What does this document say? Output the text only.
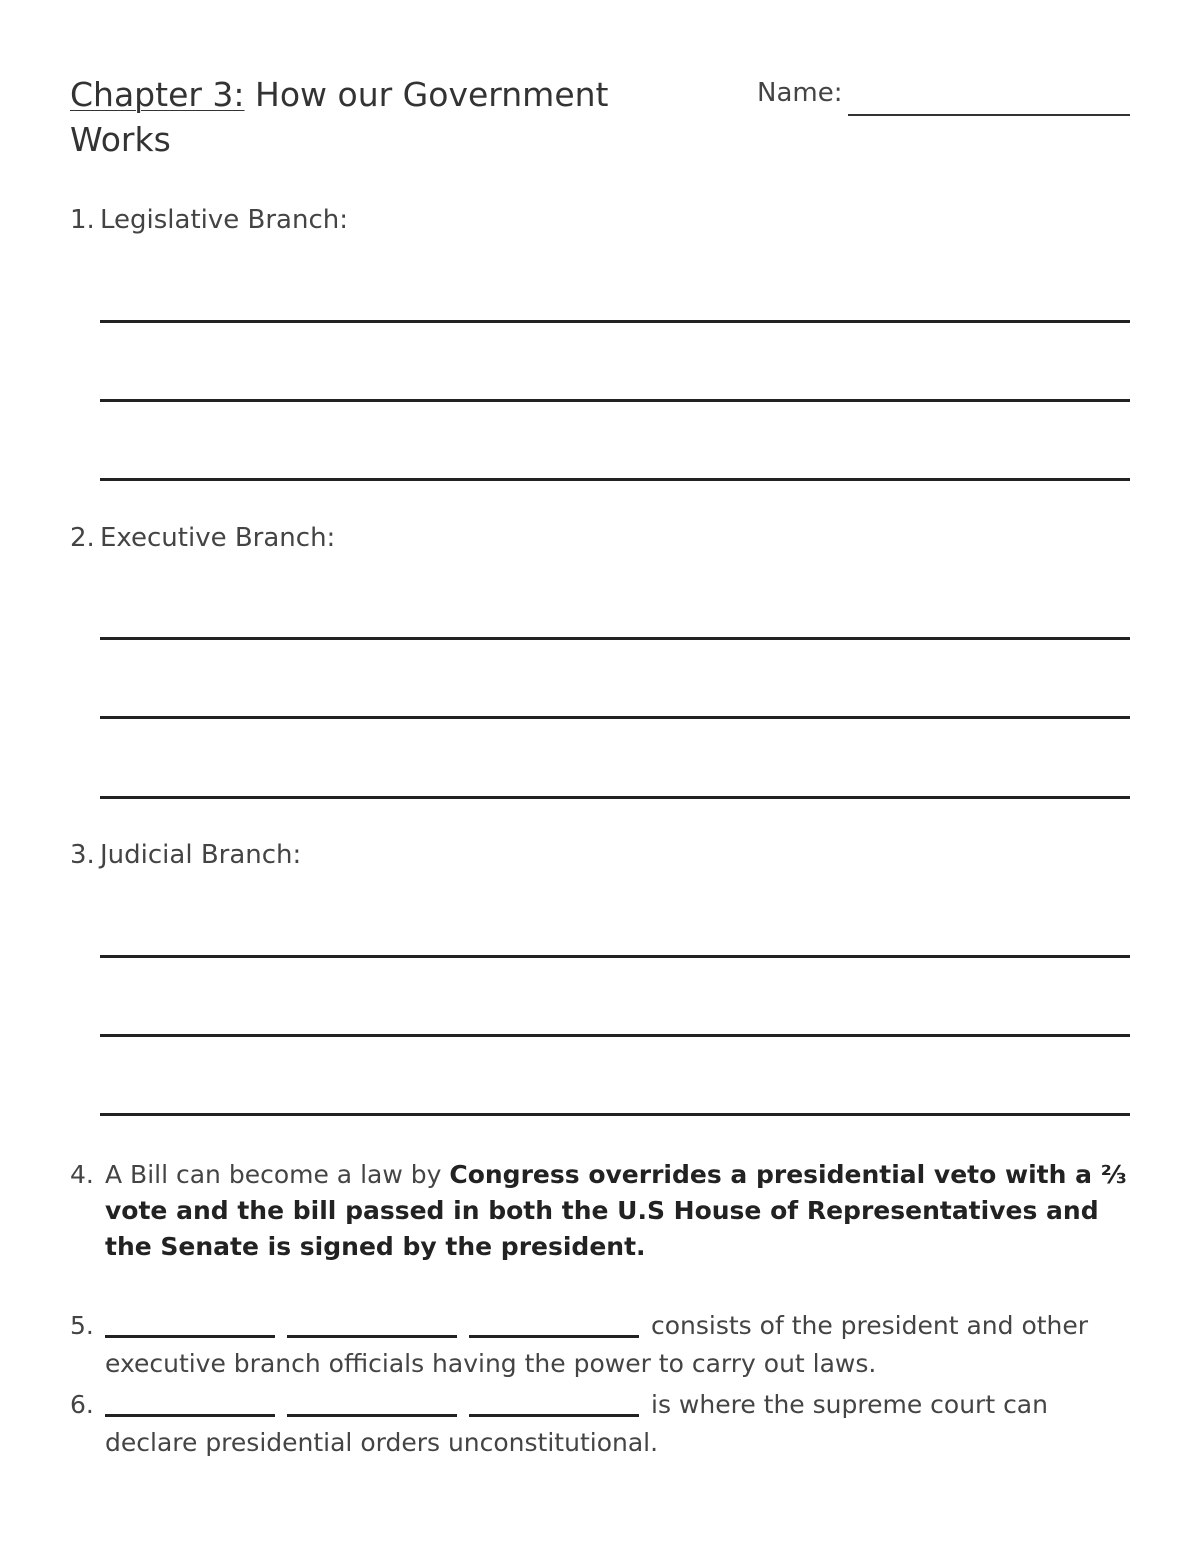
Chapter 3: How our Government Works
Name:
1. Legislative Branch:
2. Executive Branch:
3. Judicial Branch:
4. A Bill can become a law by Congress overrides a presidential veto with a ⅔ vote and the bill passed in both the U.S House of Representatives and the Senate is signed by the president.
5.	consists of the president and other executive branch officials having the power to carry out laws.
6.	is where the supreme court can declare presidential orders unconstitutional.
